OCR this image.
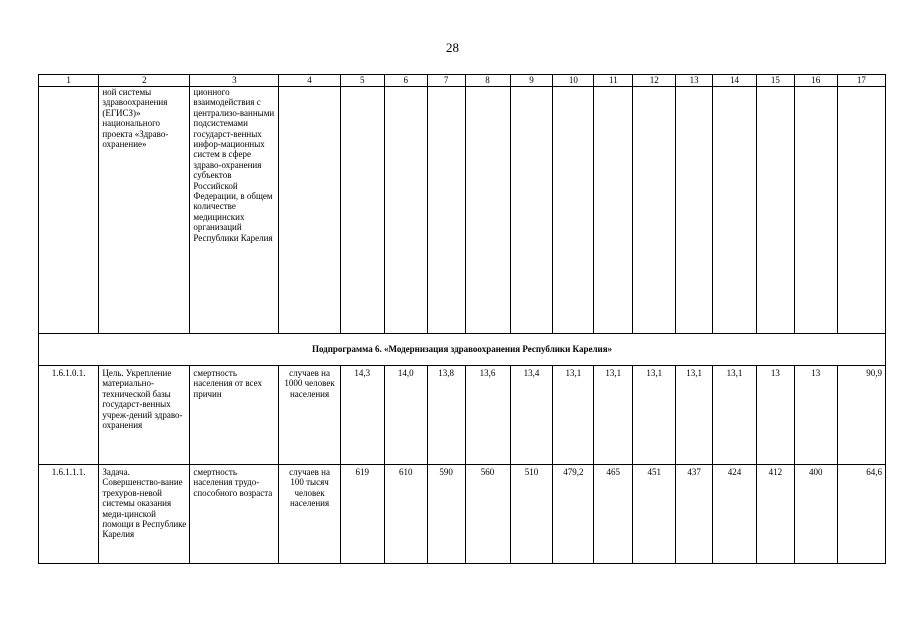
28
1	2	3	4	5	6	7	8	9	10	11	12	13	14	15	16	17
	ной системы здравоохранения (ЕГИСЗ)» национального проекта «Здраво-охранение»	ционного взаимодействия с централизо-ванными подсистемами государст-венных инфор-мационных систем в сфере здраво-охранения субъектов Российской Федерации, в общем количестве медицинских организаций Республики Карелия														
Подпрограмма 6. «Модернизация здравоохранения Республики Карелия»																
1.6.1.0.1.	Цель. Укрепление материально-технической базы государст-венных учреж-дений здраво-охранения	смертность населения от всех причин	случаев на 1000 человек населения	14,3	14,0	13,8	13,6	13,4	13,1	13,1	13,1	13,1	13,1	13	13	90,9
1.6.1.1.1.	Задача. Совершенство-вание трехуров-невой системы оказания меди-цинской помощи в Республике Карелия	смертность населения трудо-способного возраста	случаев на 100 тысяч человек населения	619	610	590	560	510	479,2	465	451	437	424	412	400	64,6
